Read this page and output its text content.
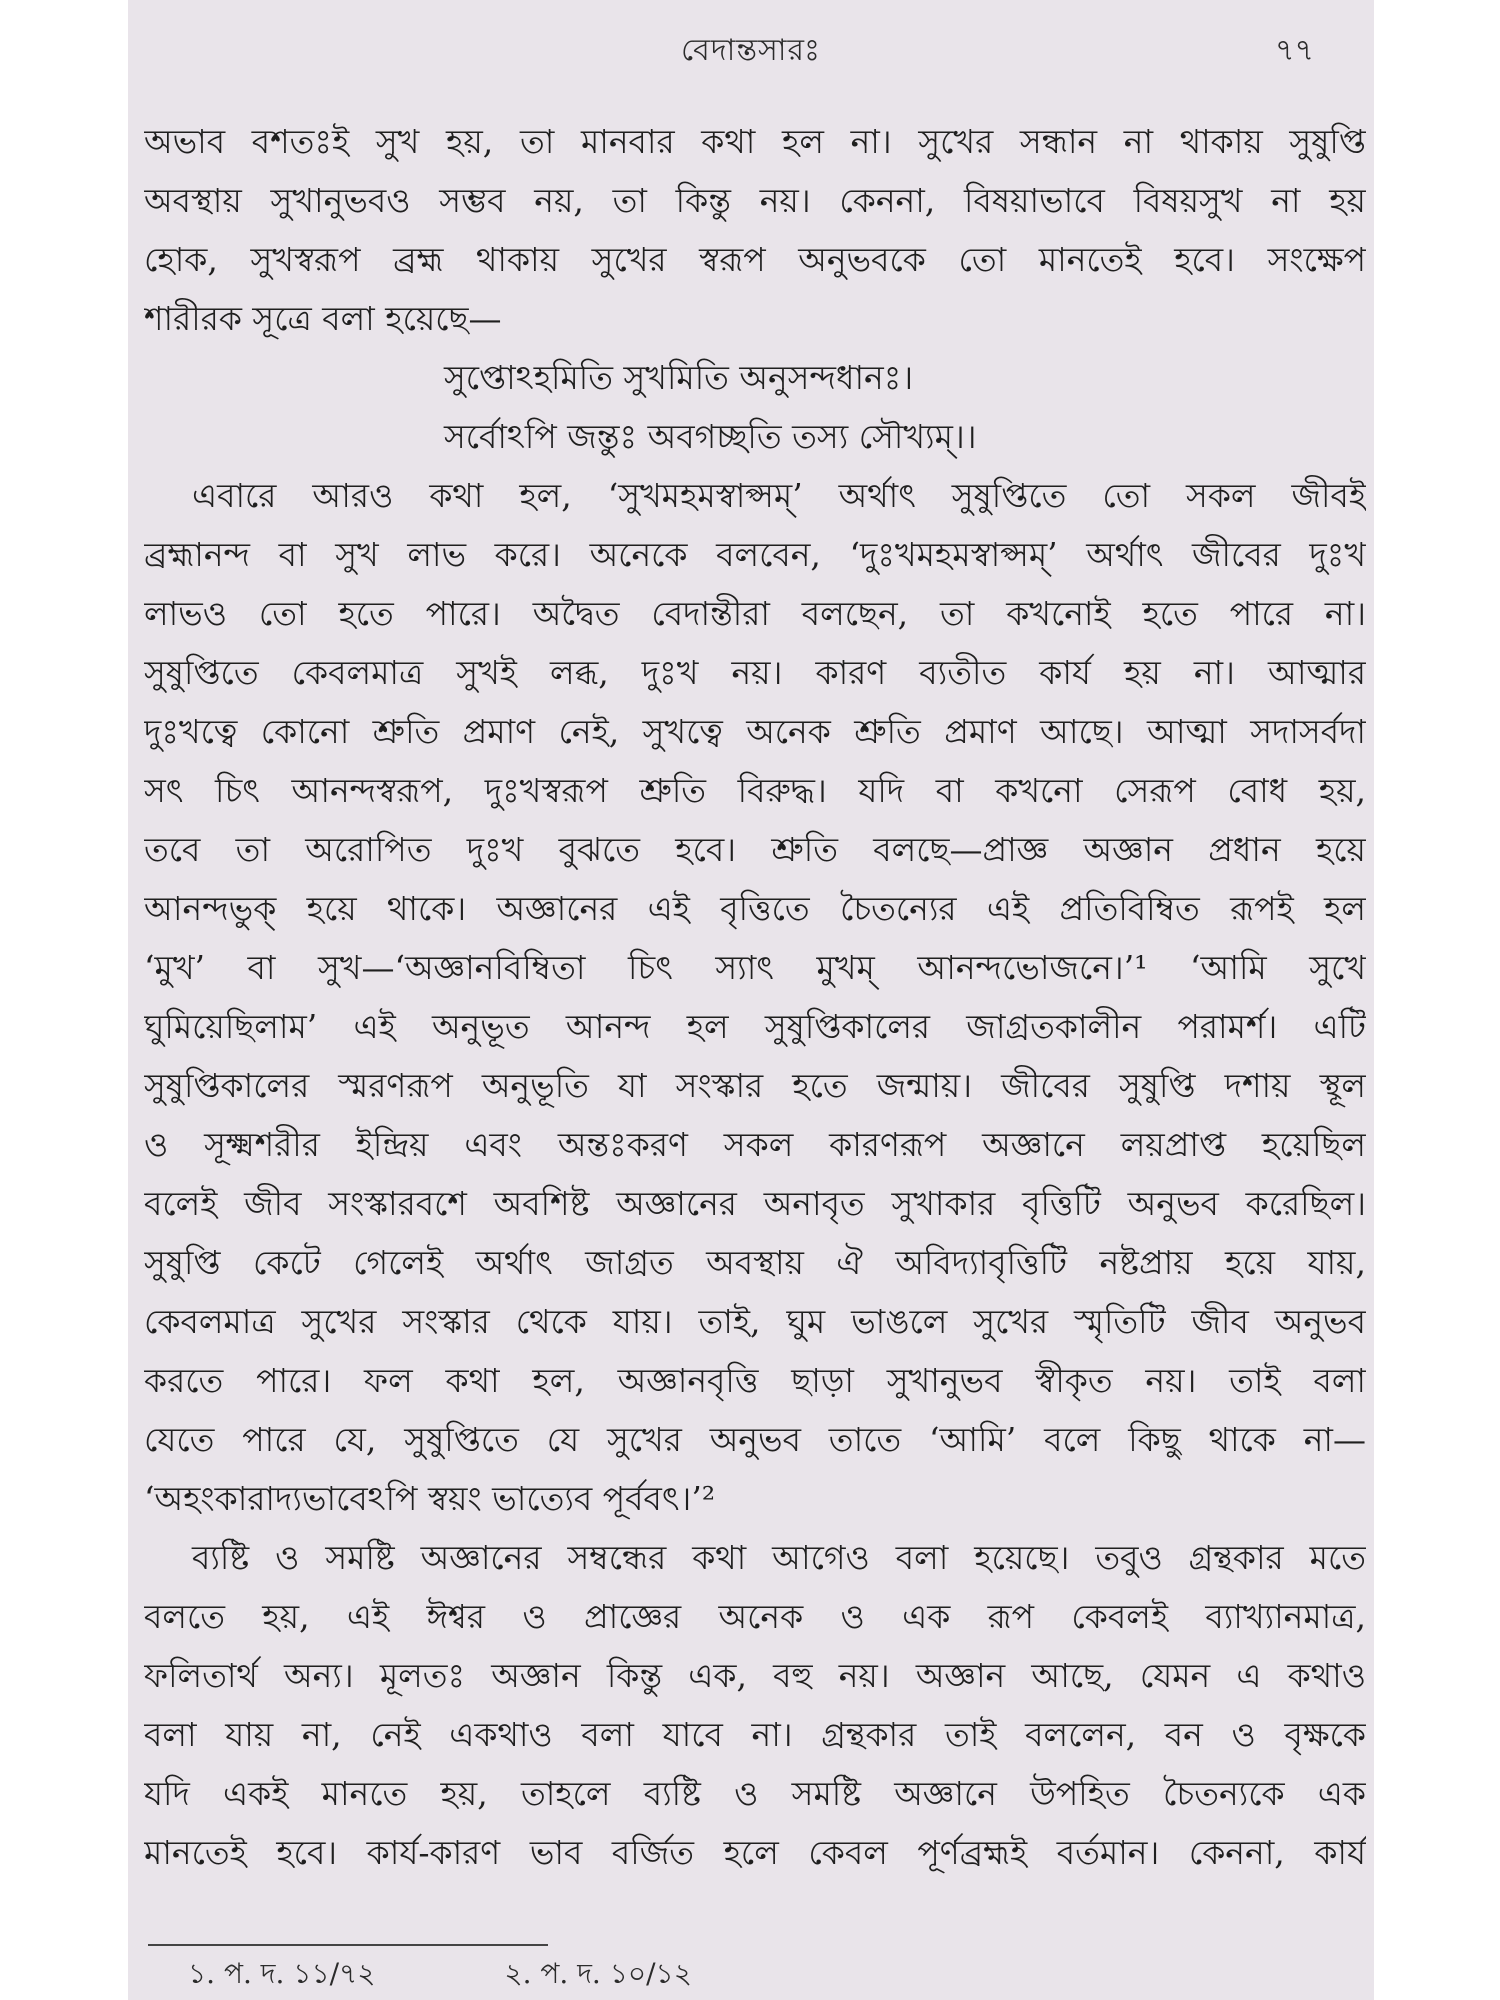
বেদান্তসারঃ	৭৭

অভাব বশতঃই সুখ হয়, তা মানবার কথা হল না। সুখের সন্ধান না থাকায় সুষুপ্তি
অবস্থায় সুখানুভবও সম্ভব নয়, তা কিন্তু নয়। কেননা, বিষয়াভাবে বিষয়সুখ না হয়
হোক, সুখস্বরূপ ব্রহ্ম থাকায় সুখের স্বরূপ অনুভবকে তো মানতেই হবে। সংক্ষেপ
শারীরক সূত্রে বলা হয়েছে—

সুপ্তোঽহমিতি সুখমিতি অনুসন্দধানঃ।
সর্বোঽপি জন্তুঃ অবগচ্ছতি তস্য সৌখ্যম্।।

এবারে আরও কথা হল, ‘সুখমহমস্বাপ্সম্’ অর্থাৎ সুষুপ্তিতে তো সকল জীবই
ব্রহ্মানন্দ বা সুখ লাভ করে। অনেকে বলবেন, ‘দুঃখমহমস্বাপ্সম্’ অর্থাৎ জীবের দুঃখ
লাভও তো হতে পারে। অদ্বৈত বেদান্তীরা বলছেন, তা কখনোই হতে পারে না।
সুষুপ্তিতে কেবলমাত্র সুখই লব্ধ, দুঃখ নয়। কারণ ব্যতীত কার্য হয় না। আত্মার
দুঃখত্বে কোনো শ্রুতি প্রমাণ নেই, সুখত্বে অনেক শ্রুতি প্রমাণ আছে। আত্মা সদাসর্বদা
সৎ চিৎ আনন্দস্বরূপ, দুঃখস্বরূপ শ্রুতি বিরুদ্ধ। যদি বা কখনো সেরূপ বোধ হয়,
তবে তা অরোপিত দুঃখ বুঝতে হবে। শ্রুতি বলছে—প্রাজ্ঞ অজ্ঞান প্রধান হয়ে
আনন্দভুক্ হয়ে থাকে। অজ্ঞানের এই বৃত্তিতে চৈতন্যের এই প্রতিবিম্বিত রূপই হল
‘মুখ’ বা সুখ—‘অজ্ঞানবিম্বিতা চিৎ স্যাৎ মুখম্ আনন্দভোজনে।’¹ ‘আমি সুখে
ঘুমিয়েছিলাম’ এই অনুভূত আনন্দ হল সুষুপ্তিকালের জাগ্রতকালীন পরামর্শ। এটি
সুষুপ্তিকালের স্মরণরূপ অনুভূতি যা সংস্কার হতে জন্মায়। জীবের সুষুপ্তি দশায় স্থূল
ও সূক্ষ্মশরীর ইন্দ্রিয় এবং অন্তঃকরণ সকল কারণরূপ অজ্ঞানে লয়প্রাপ্ত হয়েছিল
বলেই জীব সংস্কারবশে অবশিষ্ট অজ্ঞানের অনাবৃত সুখাকার বৃত্তিটি অনুভব করেছিল।
সুষুপ্তি কেটে গেলেই অর্থাৎ জাগ্রত অবস্থায় ঐ অবিদ্যাবৃত্তিটি নষ্টপ্রায় হয়ে যায়,
কেবলমাত্র সুখের সংস্কার থেকে যায়। তাই, ঘুম ভাঙলে সুখের স্মৃতিটি জীব অনুভব
করতে পারে। ফল কথা হল, অজ্ঞানবৃত্তি ছাড়া সুখানুভব স্বীকৃত নয়। তাই বলা
যেতে পারে যে, সুষুপ্তিতে যে সুখের অনুভব তাতে ‘আমি’ বলে কিছু থাকে না—
‘অহংকারাদ্যভাবেঽপি স্বয়ং ভাত্যেব পূর্ববৎ।’²

ব্যষ্টি ও সমষ্টি অজ্ঞানের সম্বন্ধের কথা আগেও বলা হয়েছে। তবুও গ্রন্থকার মতে
বলতে হয়, এই ঈশ্বর ও প্রাজ্ঞের অনেক ও এক রূপ কেবলই ব্যাখ্যানমাত্র,
ফলিতার্থ অন্য। মূলতঃ অজ্ঞান কিন্তু এক, বহু নয়। অজ্ঞান আছে, যেমন এ কথাও
বলা যায় না, নেই একথাও বলা যাবে না। গ্রন্থকার তাই বললেন, বন ও বৃক্ষকে
যদি একই মানতে হয়, তাহলে ব্যষ্টি ও সমষ্টি অজ্ঞানে উপহিত চৈতন্যকে এক
মানতেই হবে। কার্য-কারণ ভাব বর্জিত হলে কেবল পূর্ণব্রহ্মই বর্তমান। কেননা, কার্য

১. প. দ. ১১/৭২	২. প. দ. ১০/১২
